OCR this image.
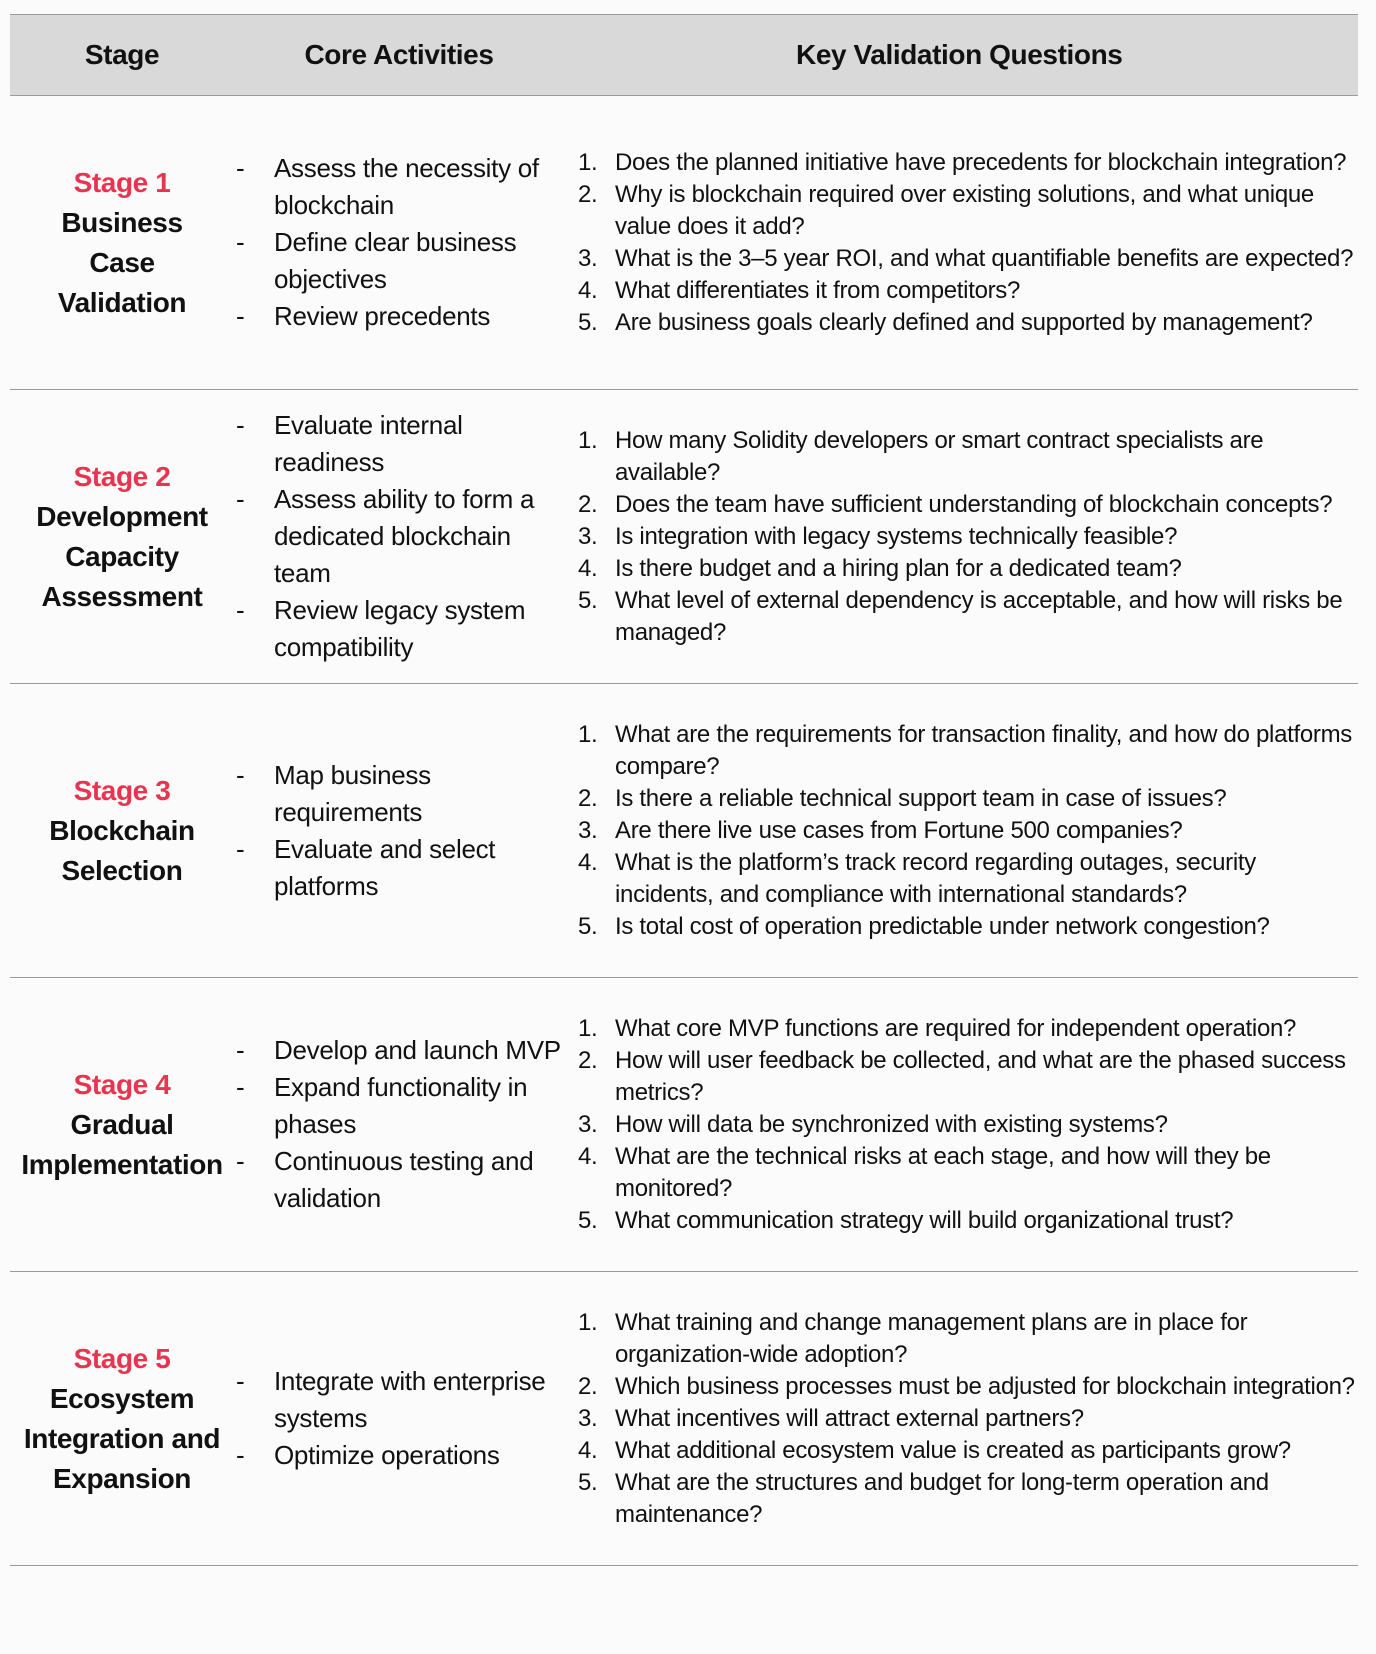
Stage	Core Activities	Key Validation Questions
Stage 1
Business
Case
Validation
- Assess the necessity of blockchain
- Define clear business objectives
- Review precedents
1. Does the planned initiative have precedents for blockchain integration?
2. Why is blockchain required over existing solutions, and what unique value does it add?
3. What is the 3–5 year ROI, and what quantifiable benefits are expected?
4. What differentiates it from competitors?
5. Are business goals clearly defined and supported by management?
Stage 2
Development
Capacity
Assessment
- Evaluate internal readiness
- Assess ability to form a dedicated blockchain team
- Review legacy system compatibility
1. How many Solidity developers or smart contract specialists are available?
2. Does the team have sufficient understanding of blockchain concepts?
3. Is integration with legacy systems technically feasible?
4. Is there budget and a hiring plan for a dedicated team?
5. What level of external dependency is acceptable, and how will risks be managed?
Stage 3
Blockchain
Selection
- Map business requirements
- Evaluate and select platforms
1. What are the requirements for transaction finality, and how do platforms compare?
2. Is there a reliable technical support team in case of issues?
3. Are there live use cases from Fortune 500 companies?
4. What is the platform’s track record regarding outages, security incidents, and compliance with international standards?
5. Is total cost of operation predictable under network congestion?
Stage 4
Gradual
Implementation
- Develop and launch MVP
- Expand functionality in phases
- Continuous testing and validation
1. What core MVP functions are required for independent operation?
2. How will user feedback be collected, and what are the phased success metrics?
3. How will data be synchronized with existing systems?
4. What are the technical risks at each stage, and how will they be monitored?
5. What communication strategy will build organizational trust?
Stage 5
Ecosystem
Integration and
Expansion
- Integrate with enterprise systems
- Optimize operations
1. What training and change management plans are in place for organization-wide adoption?
2. Which business processes must be adjusted for blockchain integration?
3. What incentives will attract external partners?
4. What additional ecosystem value is created as participants grow?
5. What are the structures and budget for long-term operation and maintenance?
